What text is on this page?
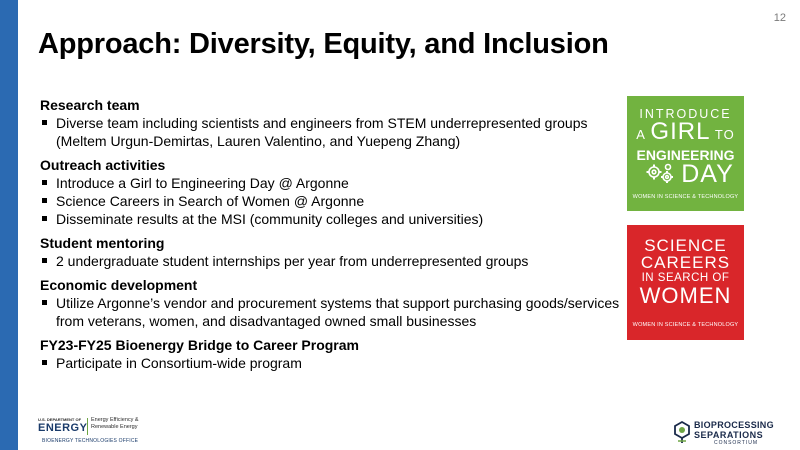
12
Approach: Diversity, Equity, and Inclusion
Research team
Diverse team including scientists and engineers from STEM underrepresented groups (Meltem Urgun-Demirtas, Lauren Valentino, and Yuepeng Zhang)
Outreach activities
Introduce a Girl to Engineering Day @ Argonne
Science Careers in Search of Women @ Argonne
Disseminate results at the MSI (community colleges and universities)
Student mentoring
2 undergraduate student internships per year from underrepresented groups
Economic development
Utilize Argonne’s vendor and procurement systems that support purchasing goods/services from veterans, women, and disadvantaged owned small businesses
FY23-FY25 Bioenergy Bridge to Career Program
Participate in Consortium-wide program
INTRODUCE
A GIRL TO
ENGINEERING
DAY
WOMEN IN SCIENCE & TECHNOLOGY
SCIENCE
CAREERS
IN SEARCH OF
WOMEN
WOMEN IN SCIENCE & TECHNOLOGY
U.S. DEPARTMENT OF
ENERGY
Energy Efficiency &
Renewable Energy
BIOENERGY TECHNOLOGIES OFFICE
BIOPROCESSING
SEPARATIONS
CONSORTIUM
